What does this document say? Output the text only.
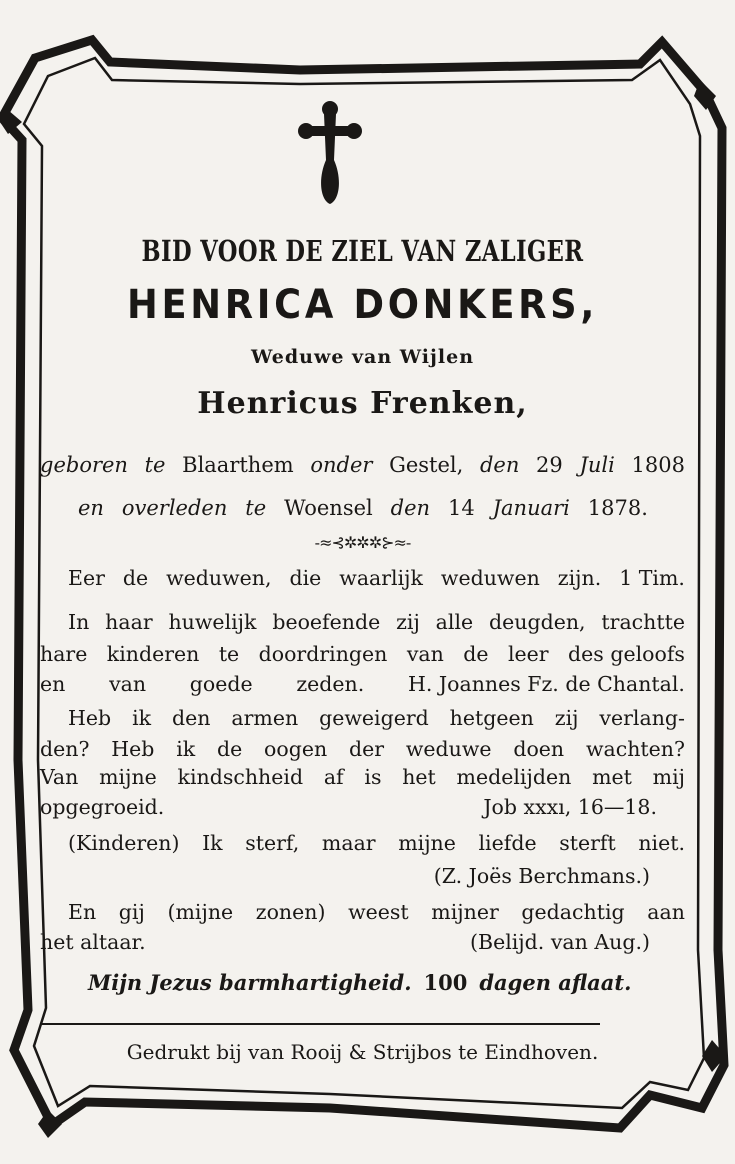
BID VOOR DE ZIEL VAN ZALIGER
HENRICA DONKERS,
Weduwe van Wijlen
Henricus Frenken,
geboren te Blaarthem onder Gestel, den 29 Juli 1808
en overleden te Woensel den 14 Januari 1878.
-≈⊰✲✲✲⊱≈-
Eer de weduwen, die waarlijk weduwen zijn. 1 Tim.
In haar huwelijk beoefende zij alle deugden, trachtte
hare kinderen te doordringen van de leer des geloofs
en van goede zeden. H. Joannes Fz. de Chantal.
Heb ik den armen geweigerd hetgeen zij verlang-
den? Heb ik de oogen der weduwe doen wachten?
Van mijne kindschheid af is het medelijden met mij
opgegroeid.	Job xxxı, 16—18.
(Kinderen) Ik sterf, maar mijne liefde sterft niet.
(Z. Joës Berchmans.)
En gij (mijne zonen) weest mijner gedachtig aan
het altaar.	(Belijd. van Aug.)
Mijn Jezus barmhartigheid. 100 dagen aflaat.
Gedrukt bij van Rooij & Strijbos te Eindhoven.
